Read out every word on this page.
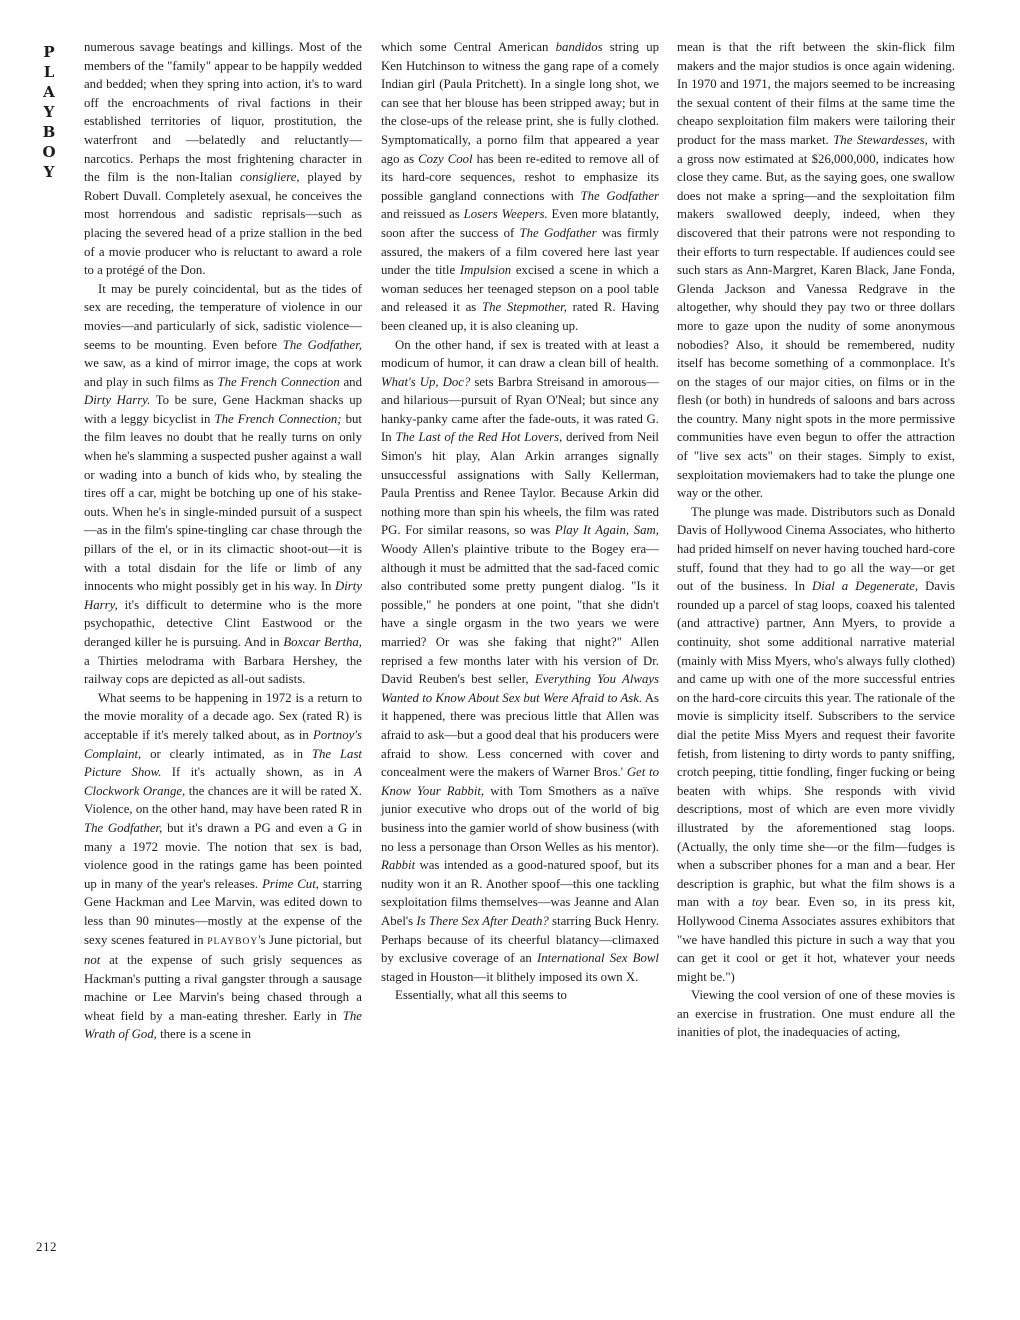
P
L
A
Y
B
O
Y
212

numerous savage beatings and killings. Most of the members of the "family" appear to be happily wedded and bedded; when they spring into action, it's to ward off the encroachments of rival factions in their established territories of liquor, prostitution, the waterfront and —belatedly and reluctantly—narcotics. Perhaps the most frightening character in the film is the non-Italian consigliere, played by Robert Duvall. Completely asexual, he conceives the most horrendous and sadistic reprisals—such as placing the severed head of a prize stallion in the bed of a movie producer who is reluctant to award a role to a protégé of the Don.

It may be purely coincidental, but as the tides of sex are receding, the temperature of violence in our movies—and particularly of sick, sadistic violence—seems to be mounting. Even before The Godfather, we saw, as a kind of mirror image, the cops at work and play in such films as The French Connection and Dirty Harry. To be sure, Gene Hackman shacks up with a leggy bicyclist in The French Connection; but the film leaves no doubt that he really turns on only when he's slamming a suspected pusher against a wall or wading into a bunch of kids who, by stealing the tires off a car, might be botching up one of his stake-outs. When he's in single-minded pursuit of a suspect—as in the film's spine-tingling car chase through the pillars of the el, or in its climactic shoot-out—it is with a total disdain for the life or limb of any innocents who might possibly get in his way. In Dirty Harry, it's difficult to determine who is the more psychopathic, detective Clint Eastwood or the deranged killer he is pursuing. And in Boxcar Bertha, a Thirties melodrama with Barbara Hershey, the railway cops are depicted as all-out sadists.

What seems to be happening in 1972 is a return to the movie morality of a decade ago. Sex (rated R) is acceptable if it's merely talked about, as in Portnoy's Complaint, or clearly intimated, as in The Last Picture Show. If it's actually shown, as in A Clockwork Orange, the chances are it will be rated X. Violence, on the other hand, may have been rated R in The Godfather, but it's drawn a PG and even a G in many a 1972 movie. The notion that sex is bad, violence good in the ratings game has been pointed up in many of the year's releases. Prime Cut, starring Gene Hackman and Lee Marvin, was edited down to less than 90 minutes—mostly at the expense of the sexy scenes featured in PLAYBOY's June pictorial, but not at the expense of such grisly sequences as Hackman's putting a rival gangster through a sausage machine or Lee Marvin's being chased through a wheat field by a man-eating thresher. Early in The Wrath of God, there is a scene in

which some Central American bandidos string up Ken Hutchinson to witness the gang rape of a comely Indian girl (Paula Pritchett). In a single long shot, we can see that her blouse has been stripped away; but in the close-ups of the release print, she is fully clothed. Symptomatically, a porno film that appeared a year ago as Cozy Cool has been re-edited to remove all of its hard-core sequences, reshot to emphasize its possible gangland connections with The Godfather and reissued as Losers Weepers. Even more blatantly, soon after the success of The Godfather was firmly assured, the makers of a film covered here last year under the title Impulsion excised a scene in which a woman seduces her teenaged stepson on a pool table and released it as The Stepmother, rated R. Having been cleaned up, it is also cleaning up.

On the other hand, if sex is treated with at least a modicum of humor, it can draw a clean bill of health. What's Up, Doc? sets Barbra Streisand in amorous—and hilarious—pursuit of Ryan O'Neal; but since any hanky-panky came after the fade-outs, it was rated G. In The Last of the Red Hot Lovers, derived from Neil Simon's hit play, Alan Arkin arranges signally unsuccessful assignations with Sally Kellerman, Paula Prentiss and Renee Taylor. Because Arkin did nothing more than spin his wheels, the film was rated PG. For similar reasons, so was Play It Again, Sam, Woody Allen's plaintive tribute to the Bogey era—although it must be admitted that the sad-faced comic also contributed some pretty pungent dialog. "Is it possible," he ponders at one point, "that she didn't have a single orgasm in the two years we were married? Or was she faking that night?" Allen reprised a few months later with his version of Dr. David Reuben's best seller, Everything You Always Wanted to Know About Sex but Were Afraid to Ask. As it happened, there was precious little that Allen was afraid to ask—but a good deal that his producers were afraid to show. Less concerned with cover and concealment were the makers of Warner Bros.' Get to Know Your Rabbit, with Tom Smothers as a naïve junior executive who drops out of the world of big business into the gamier world of show business (with no less a personage than Orson Welles as his mentor). Rabbit was intended as a good-natured spoof, but its nudity won it an R. Another spoof—this one tackling sexploitation films themselves—was Jeanne and Alan Abel's Is There Sex After Death? starring Buck Henry. Perhaps because of its cheerful blatancy—climaxed by exclusive coverage of an International Sex Bowl staged in Houston—it blithely imposed its own X.

Essentially, what all this seems to

mean is that the rift between the skin-flick film makers and the major studios is once again widening. In 1970 and 1971, the majors seemed to be increasing the sexual content of their films at the same time the cheapo sexploitation film makers were tailoring their product for the mass market. The Stewardesses, with a gross now estimated at $26,000,000, indicates how close they came. But, as the saying goes, one swallow does not make a spring—and the sexploitation film makers swallowed deeply, indeed, when they discovered that their patrons were not responding to their efforts to turn respectable. If audiences could see such stars as Ann-Margret, Karen Black, Jane Fonda, Glenda Jackson and Vanessa Redgrave in the altogether, why should they pay two or three dollars more to gaze upon the nudity of some anonymous nobodies? Also, it should be remembered, nudity itself has become something of a commonplace. It's on the stages of our major cities, on films or in the flesh (or both) in hundreds of saloons and bars across the country. Many night spots in the more permissive communities have even begun to offer the attraction of "live sex acts" on their stages. Simply to exist, sexploitation moviemakers had to take the plunge one way or the other.

The plunge was made. Distributors such as Donald Davis of Hollywood Cinema Associates, who hitherto had prided himself on never having touched hard-core stuff, found that they had to go all the way—or get out of the business. In Dial a Degenerate, Davis rounded up a parcel of stag loops, coaxed his talented (and attractive) partner, Ann Myers, to provide a continuity, shot some additional narrative material (mainly with Miss Myers, who's always fully clothed) and came up with one of the more successful entries on the hard-core circuits this year. The rationale of the movie is simplicity itself. Subscribers to the service dial the petite Miss Myers and request their favorite fetish, from listening to dirty words to panty sniffing, crotch peeping, tittie fondling, finger fucking or being beaten with whips. She responds with vivid descriptions, most of which are even more vividly illustrated by the aforementioned stag loops. (Actually, the only time she—or the film—fudges is when a subscriber phones for a man and a bear. Her description is graphic, but what the film shows is a man with a toy bear. Even so, in its press kit, Hollywood Cinema Associates assures exhibitors that "we have handled this picture in such a way that you can get it cool or get it hot, whatever your needs might be.")

Viewing the cool version of one of these movies is an exercise in frustration. One must endure all the inanities of plot, the inadequacies of acting,
